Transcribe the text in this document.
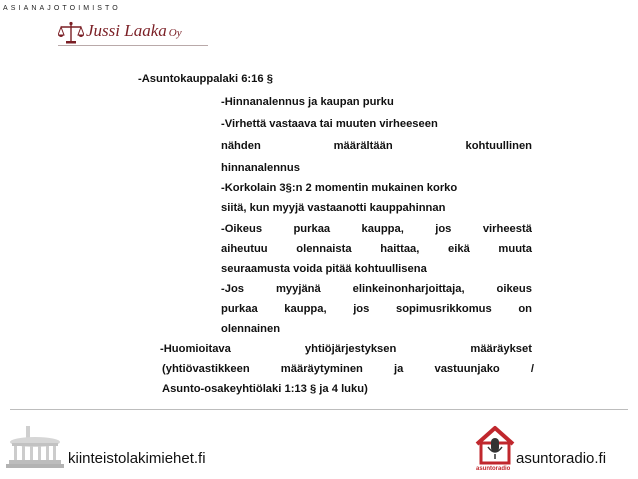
ASIANAJOTOIMISTO
Jussi Laaka Oy
-Asuntokauppalaki 6:16 §
-Hinnanalennus ja kaupan purku
-Virhettä vastaava tai muuten virheeseen
nähden	määrältään	kohtuullinen
hinnanalennus
-Korkolain 3§:n 2 momentin mukainen korko
siitä, kun myyjä vastaanotti kauppahinnan
-Oikeus	purkaa	kauppa,	jos	virheestä
aiheutuu	olennaista	haittaa,	eikä	muuta
seuraamusta voida pitää kohtuullisena
-Jos	myyjänä	elinkeinonharjoittaja,	oikeus
purkaa kauppa, jos sopimusrikkomus on
olennainen
-Huomioitava	yhtiöjärjestyksen	määräykset
(yhtiövastikkeen	määräytyminen	ja	vastuunjako	/
Asunto-osakeyhtiölaki 1:13 § ja 4 luku)
kiinteistolakimiehet.fi
asuntoradio
asuntoradio.fi
